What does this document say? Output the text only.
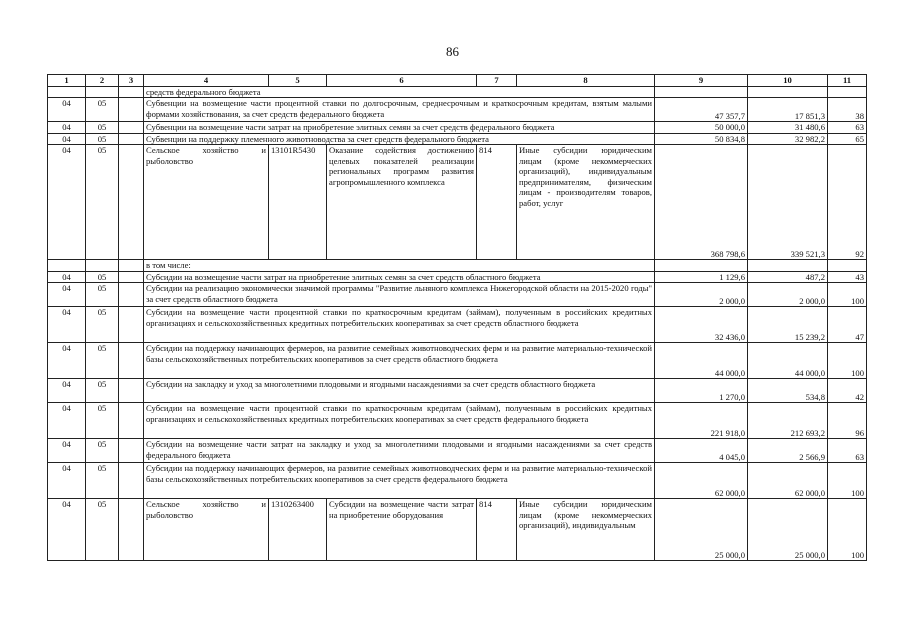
86
1	2	3	4	5	6	7	8	9	10	11
			средств федерального бюджета							
04	05		Субвенции на возмещение части процентной ставки по долгосрочным, среднесрочным и краткосрочным кредитам, взятым малыми формами хозяйствования, за счет средств федерального бюджета					47 357,7	17 851,3	38
04	05		Субвенции на возмещение части затрат на приобретение элитных семян за счет средств федерального бюджета					50 000,0	31 480,6	63
04	05		Субвенции на поддержку племенного животноводства за счет средств федерального бюджета					50 834,8	32 982,2	65
04	05		Сельское хозяйство и рыболовство	13101R5430	Оказание содействия достижению целевых показателей реализации региональных программ развития агропромышленного комплекса	814	Иные субсидии юридическим лицам (кроме некоммерческих организаций), индивидуальным предпринимателям, физическим лицам - производителям товаров, работ, услуг	368 798,6	339 521,3	92
			в том числе:							
04	05		Субсидии на возмещение части затрат на приобретение элитных семян за счет средств областного бюджета					1 129,6	487,2	43
04	05		Субсидии на реализацию экономически значимой программы "Развитие льняного комплекса Нижегородской области на 2015-2020 годы" за счет средств областного бюджета					2 000,0	2 000,0	100
04	05		Субсидии на возмещение части процентной ставки по краткосрочным кредитам (займам), полученным в российских кредитных организациях и сельскохозяйственных кредитных потребительских кооперативах за счет средств областного бюджета					32 436,0	15 239,2	47
04	05		Субсидии на поддержку начинающих фермеров, на развитие семейных животноводческих ферм и на развитие материально-технической базы сельскохозяйственных потребительских кооперативов за счет средств областного бюджета					44 000,0	44 000,0	100
04	05		Субсидии на закладку и уход за многолетними плодовыми и ягодными насаждениями за счет средств областного бюджета					1 270,0	534,8	42
04	05		Субсидии на возмещение части процентной ставки по краткосрочным кредитам (займам), полученным в российских кредитных организациях и сельскохозяйственных кредитных потребительских кооперативах за счет средств федерального бюджета					221 918,0	212 693,2	96
04	05		Субсидии на возмещение части затрат на закладку и уход за многолетними плодовыми и ягодными насаждениями за счет средств федерального бюджета					4 045,0	2 566,9	63
04	05		Субсидии на поддержку начинающих фермеров, на развитие семейных животноводческих ферм и на развитие материально-технической базы сельскохозяйственных потребительских кооперативов за счет средств федерального бюджета					62 000,0	62 000,0	100
04	05		Сельское хозяйство и рыболовство	1310263400	Субсидии на возмещение части затрат на приобретение оборудования	814	Иные субсидии юридическим лицам (кроме некоммерческих организаций), индивидуальным	25 000,0	25 000,0	100
